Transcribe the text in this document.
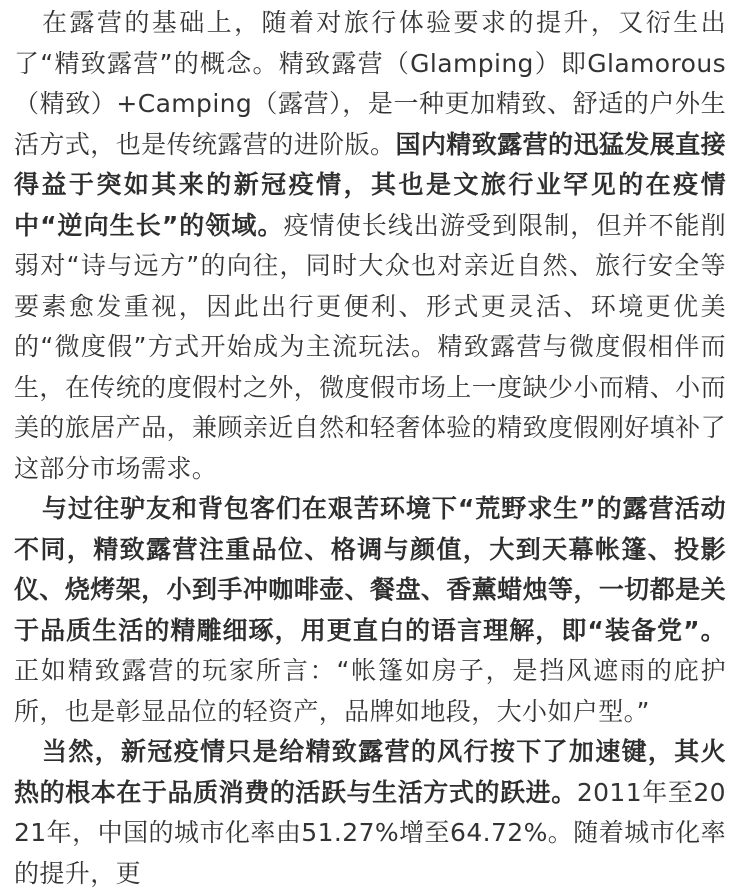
在露营的基础上，随着对旅行体验要求的提升，又衍生出了“精致露营”的概念。精致露营（Glamping）即Glamorous（精致）+Camping（露营），是一种更加精致、舒适的户外生活方式，也是传统露营的进阶版。国内精致露营的迅猛发展直接得益于突如其来的新冠疫情，其也是文旅行业罕见的在疫情中“逆向生长”的领域。疫情使长线出游受到限制，但并不能削弱对“诗与远方”的向往，同时大众也对亲近自然、旅行安全等要素愈发重视，因此出行更便利、形式更灵活、环境更优美的“微度假”方式开始成为主流玩法。精致露营与微度假相伴而生，在传统的度假村之外，微度假市场上一度缺少小而精、小而美的旅居产品，兼顾亲近自然和轻奢体验的精致度假刚好填补了这部分市场需求。

与过往驴友和背包客们在艰苦环境下“荒野求生”的露营活动不同，精致露营注重品位、格调与颜值，大到天幕帐篷、投影仪、烧烤架，小到手冲咖啡壶、餐盘、香薰蜡烛等，一切都是关于品质生活的精雕细琢，用更直白的语言理解，即“装备党”。正如精致露营的玩家所言：“帐篷如房子，是挡风遮雨的庇护所，也是彰显品位的轻资产，品牌如地段，大小如户型。”

当然，新冠疫情只是给精致露营的风行按下了加速键，其火热的根本在于品质消费的活跃与生活方式的跃进。2011年至2021年，中国的城市化率由51.27%增至64.72%。随着城市化率的提升，更
